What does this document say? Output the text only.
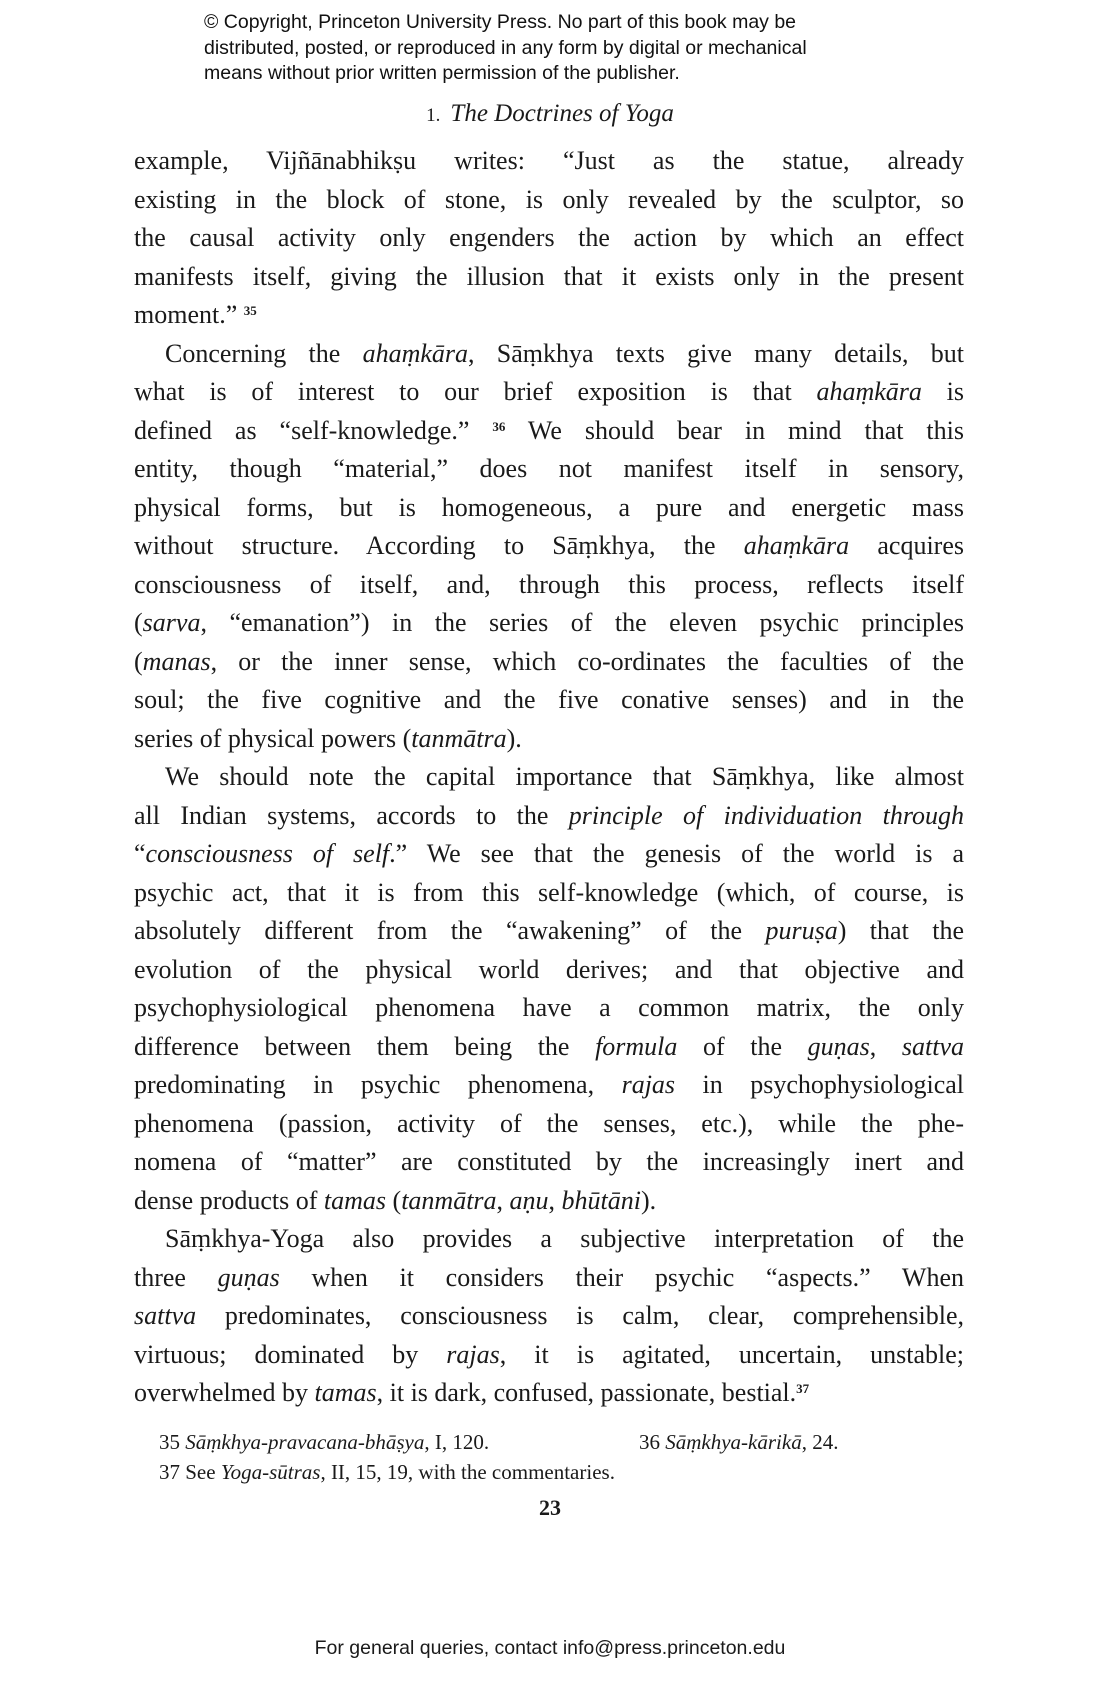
© Copyright, Princeton University Press. No part of this book may be
distributed, posted, or reproduced in any form by digital or mechanical
means without prior written permission of the publisher.
1. The Doctrines of Yoga
example, Vijñānabhikṣu writes: “Just as the statue, already
existing in the block of stone, is only revealed by the sculptor, so
the causal activity only engenders the action by which an effect
manifests itself, giving the illusion that it exists only in the present
moment.” $^{35}$
Concerning the ahaṃkāra, Sāṃkhya texts give many details, but
what is of interest to our brief exposition is that ahaṃkāra is
defined as “self-knowledge.” $^{36}$ We should bear in mind that this
entity, though “material,” does not manifest itself in sensory,
physical forms, but is homogeneous, a pure and energetic mass
without structure. According to Sāṃkhya, the ahaṃkāra acquires
consciousness of itself, and, through this process, reflects itself
(sarva, “emanation”) in the series of the eleven psychic principles
(manas, or the inner sense, which co-ordinates the faculties of the
soul; the five cognitive and the five conative senses) and in the
series of physical powers (tanmātra).
We should note the capital importance that Sāṃkhya, like almost
all Indian systems, accords to the principle of individuation through
“consciousness of self.” We see that the genesis of the world is a
psychic act, that it is from this self-knowledge (which, of course, is
absolutely different from the “awakening” of the puruṣa) that the
evolution of the physical world derives; and that objective and
psychophysiological phenomena have a common matrix, the only
difference between them being the formula of the guṇas, sattva
predominating in psychic phenomena, rajas in psychophysiological
phenomena (passion, activity of the senses, etc.), while the phe-
nomena of “matter” are constituted by the increasingly inert and
dense products of tamas (tanmātra, aṇu, bhūtāni).
Sāṃkhya-Yoga also provides a subjective interpretation of the
three guṇas when it considers their psychic “aspects.” When
sattva predominates, consciousness is calm, clear, comprehensible,
virtuous; dominated by rajas, it is agitated, uncertain, unstable;
overwhelmed by tamas, it is dark, confused, passionate, bestial.$^{37}$
35 Sāṃkhya-pravacana-bhāṣya, I, 120.	36 Sāṃkhya-kārikā, 24.
37 See Yoga-sūtras, II, 15, 19, with the commentaries.
23
For general queries, contact info@press.princeton.edu
